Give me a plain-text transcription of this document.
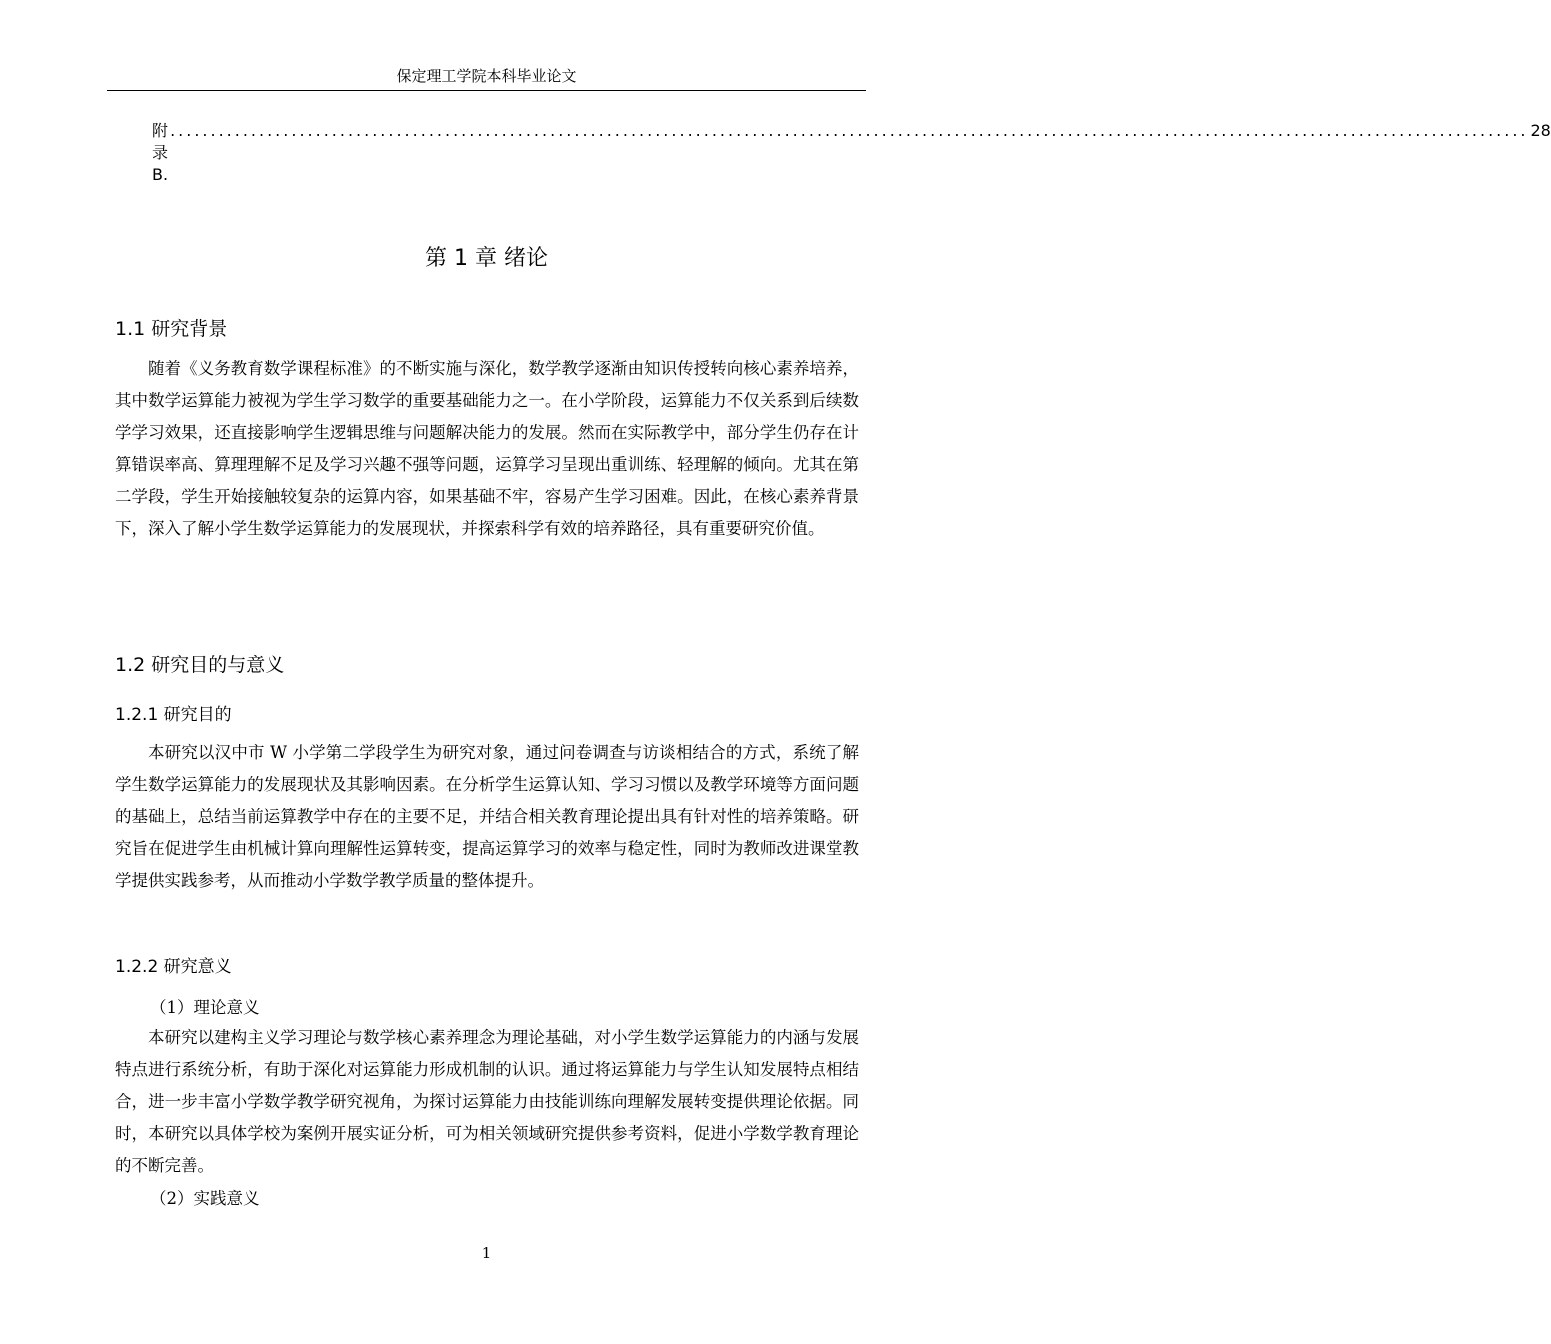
保定理工学院本科毕业论文
附录 B.
........................................................................................................................................................................ 28
第 1 章 绪论
1.1 研究背景

随着《义务教育数学课程标准》的不断实施与深化，数学教学逐渐由知识传授转向核心素养培养，其中数学运算能力被视为学生学习数学的重要基础能力之一。在小学阶段，运算能力不仅关系到后续数学学习效果，还直接影响学生逻辑思维与问题解决能力的发展。然而在实际教学中，部分学生仍存在计算错误率高、算理理解不足及学习兴趣不强等问题，运算学习呈现出重训练、轻理解的倾向。尤其在第二学段，学生开始接触较复杂的运算内容，如果基础不牢，容易产生学习困难。因此，在核心素养背景下，深入了解小学生数学运算能力的发展现状，并探索科学有效的培养路径，具有重要研究价值。

1.2 研究目的与意义
1.2.1 研究目的

本研究以汉中市 W 小学第二学段学生为研究对象，通过问卷调查与访谈相结合的方式，系统了解学生数学运算能力的发展现状及其影响因素。在分析学生运算认知、学习习惯以及教学环境等方面问题的基础上，总结当前运算教学中存在的主要不足，并结合相关教育理论提出具有针对性的培养策略。研究旨在促进学生由机械计算向理解性运算转变，提高运算学习的效率与稳定性，同时为教师改进课堂教学提供实践参考，从而推动小学数学教学质量的整体提升。

1.2.2 研究意义
（1）理论意义

本研究以建构主义学习理论与数学核心素养理念为理论基础，对小学生数学运算能力的内涵与发展特点进行系统分析，有助于深化对运算能力形成机制的认识。通过将运算能力与学生认知发展特点相结合，进一步丰富小学数学教学研究视角，为探讨运算能力由技能训练向理解发展转变提供理论依据。同时，本研究以具体学校为案例开展实证分析，可为相关领域研究提供参考资料，促进小学数学教育理论的不断完善。

（2）实践意义
1
